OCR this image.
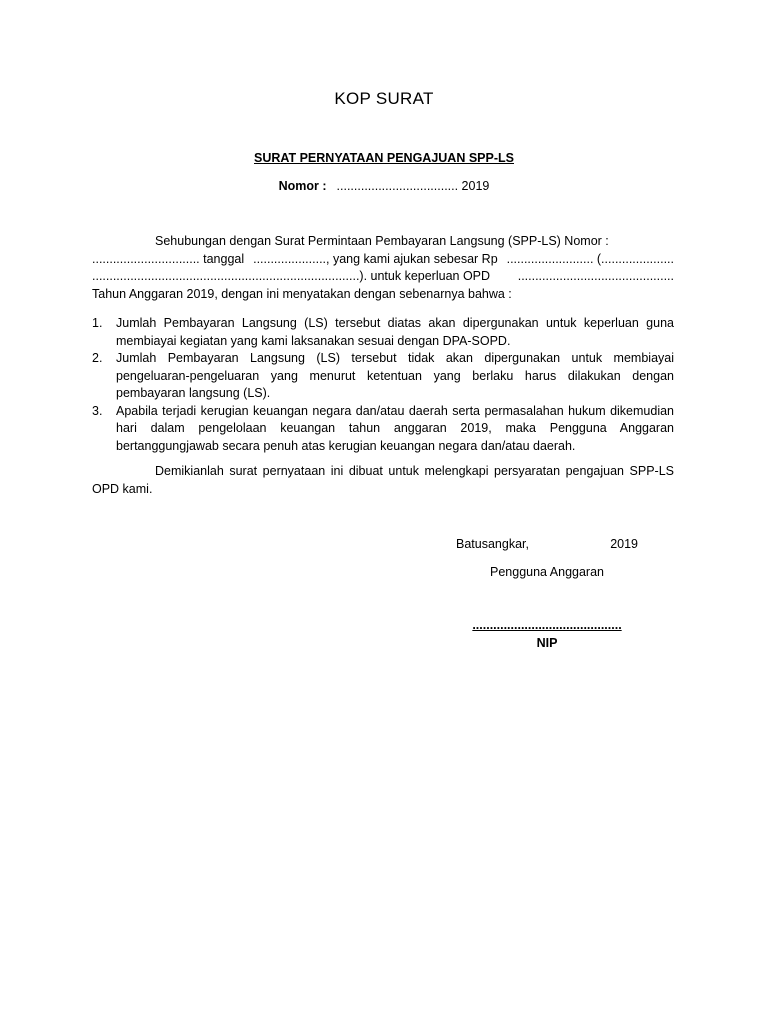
KOP SURAT
SURAT PERNYATAAN PENGAJUAN SPP-LS
Nomor : ................................... 2019

Sehubungan dengan Surat Permintaan Pembayaran Langsung (SPP-LS) Nomor :

............................... tanggal ....................., yang kami ajukan sebesar Rp ......................... (.....................
.............................................................................). untuk keperluan OPD .............................................

Tahun Anggaran 2019, dengan ini menyatakan dengan sebenarnya bahwa :

1. Jumlah Pembayaran Langsung (LS) tersebut diatas akan dipergunakan untuk keperluan guna membiayai kegiatan yang kami laksanakan sesuai dengan DPA-SOPD.
2. Jumlah Pembayaran Langsung (LS) tersebut tidak akan dipergunakan untuk membiayai pengeluaran-pengeluaran yang menurut ketentuan yang berlaku harus dilakukan dengan pembayaran langsung (LS).
3. Apabila terjadi kerugian keuangan negara dan/atau daerah serta permasalahan hukum dikemudian hari dalam pengelolaan keuangan tahun anggaran 2019, maka Pengguna Anggaran bertanggungjawab secara penuh atas kerugian keuangan negara dan/atau daerah.

Demikianlah surat pernyataan ini dibuat untuk melengkapi persyaratan pengajuan SPP-LS OPD kami.

Batusangkar,	2019
Pengguna Anggaran
...........................................
NIP
